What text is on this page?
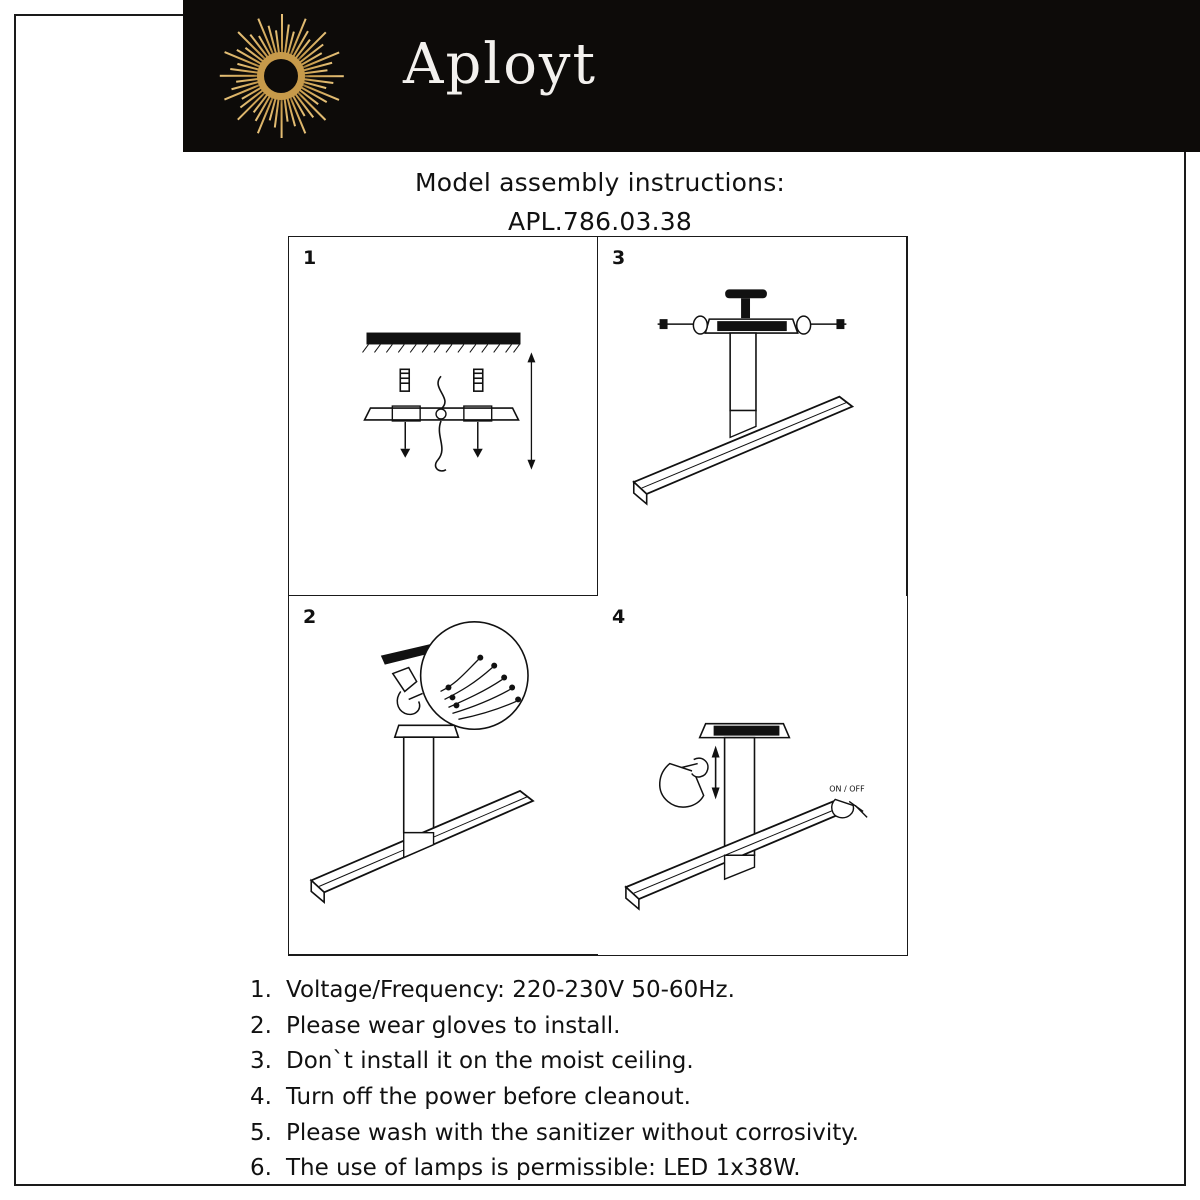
Aployt
Model assembly instructions:
APL.786.03.38
1	3
2	4
ON / OFF
1. Voltage/Frequency: 220-230V 50-60Hz.
2. Please wear gloves to install.
3. Don`t install it on the moist ceiling.
4. Turn off the power before cleanout.
5. Please wash with the sanitizer without corrosivity.
6. The use of lamps is permissible: LED 1x38W.
